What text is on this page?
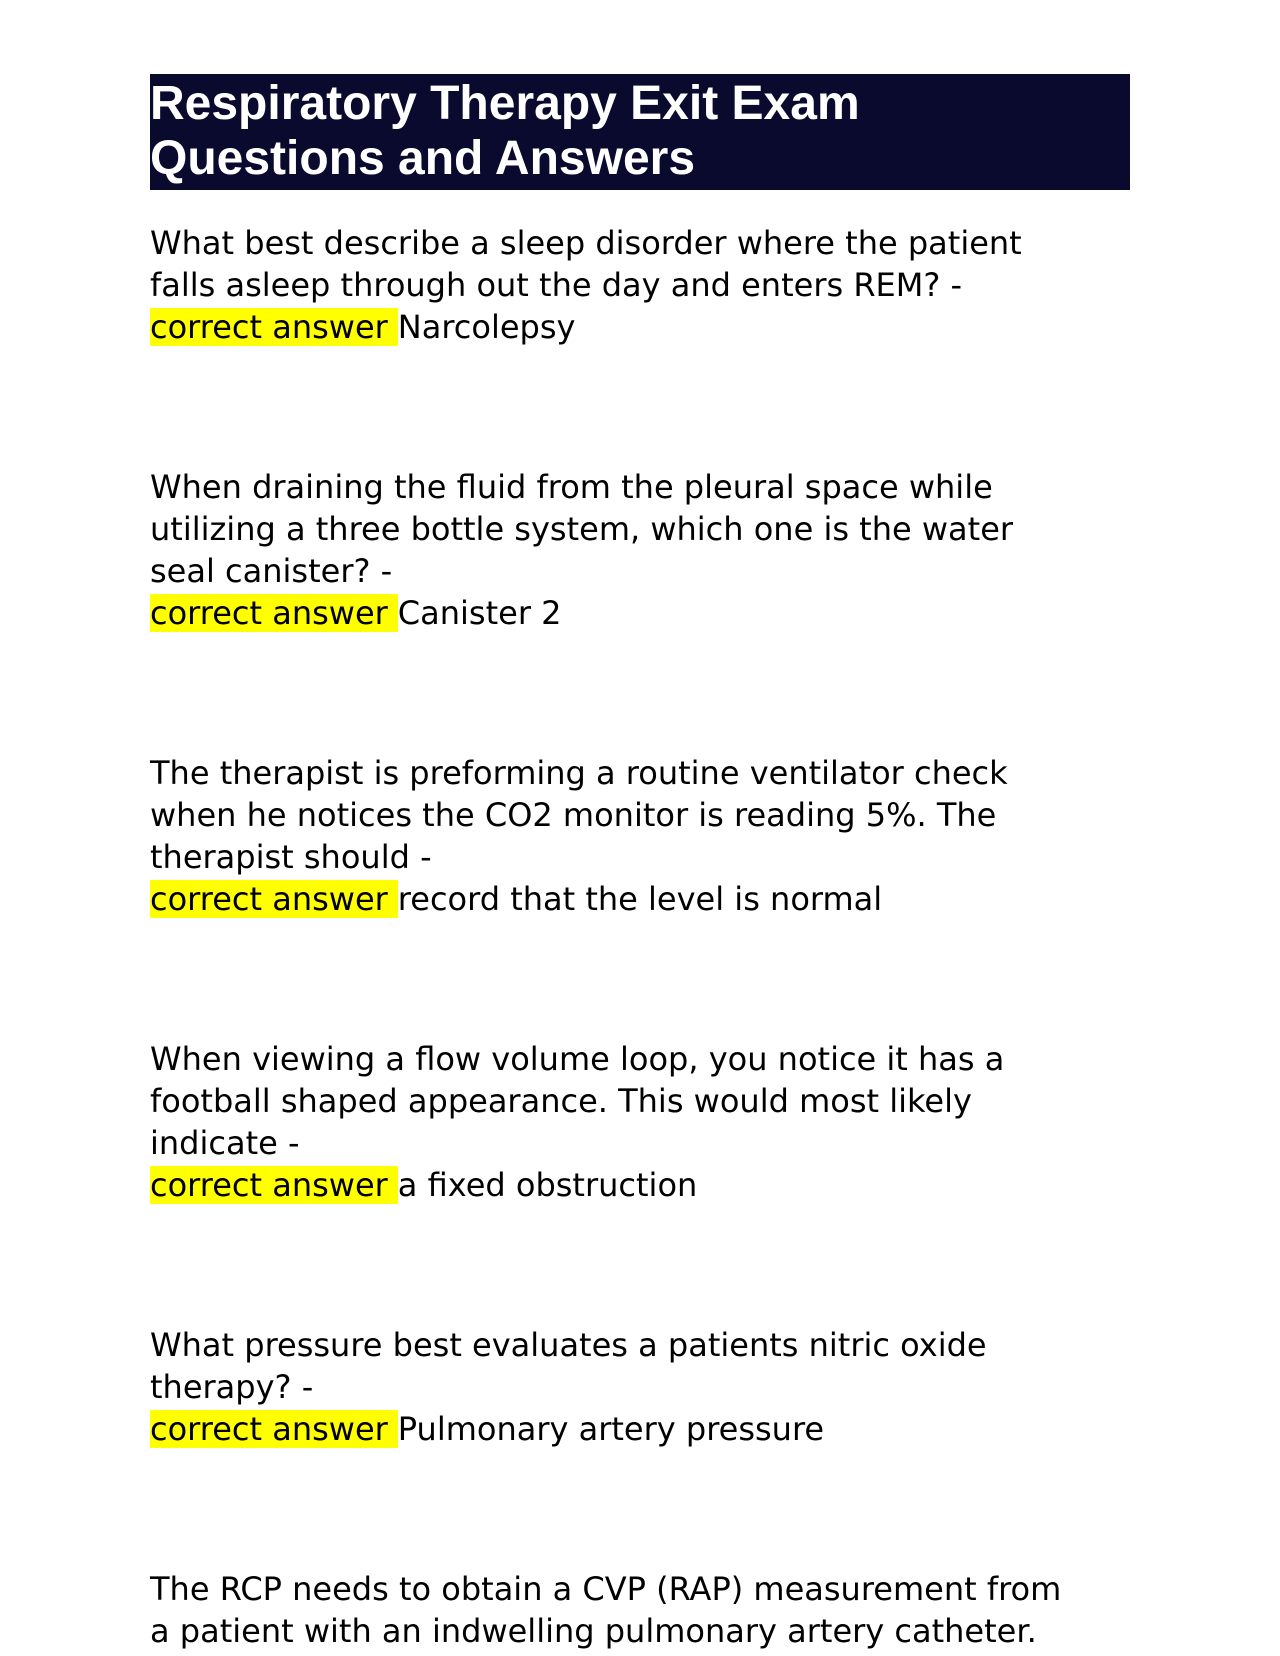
Respiratory Therapy Exit Exam
Questions and Answers
What best describe a sleep disorder where the patient
falls asleep through out the day and enters REM? -
correct answer Narcolepsy
When draining the fluid from the pleural space while
utilizing a three bottle system, which one is the water
seal canister? -
correct answer Canister 2
The therapist is preforming a routine ventilator check
when he notices the CO2 monitor is reading 5%. The
therapist should -
correct answer record that the level is normal
When viewing a flow volume loop, you notice it has a
football shaped appearance. This would most likely
indicate -
correct answer a fixed obstruction
What pressure best evaluates a patients nitric oxide
therapy? -
correct answer Pulmonary artery pressure
The RCP needs to obtain a CVP (RAP) measurement from
a patient with an indwelling pulmonary artery catheter.
